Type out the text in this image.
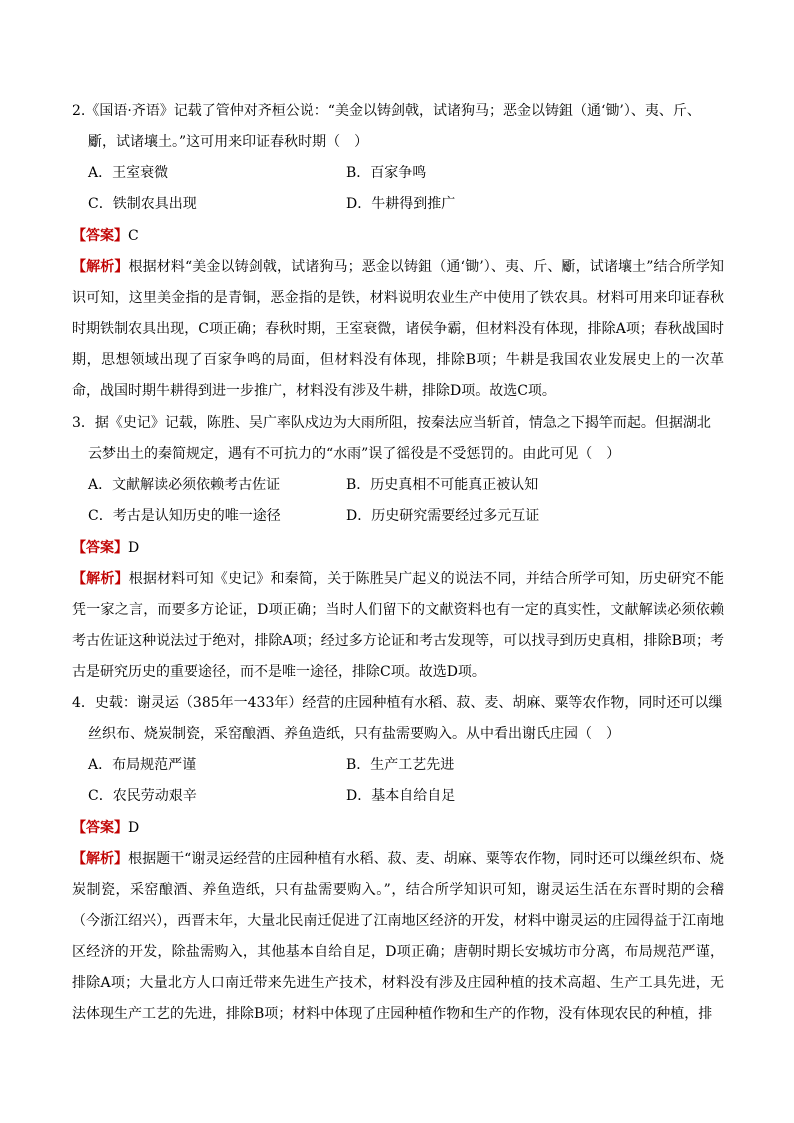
2.《国语·齐语》记载了管仲对齐桓公说：“美金以铸剑戟，试诸狗马；恶金以铸鉏（通‘锄’）、夷、斤、斸，试诸壤土。”这可用来印证春秋时期（　）

A．王室衰微	B．百家争鸣
C．铁制农具出现	D．牛耕得到推广
【答案】C

【解析】根据材料“美金以铸剑戟，试诸狗马；恶金以铸鉏（通‘锄’）、夷、斤、斸，试诸壤土”结合所学知识可知，这里美金指的是青铜，恶金指的是铁，材料说明农业生产中使用了铁农具。材料可用来印证春秋时期铁制农具出现，C项正确；春秋时期，王室衰微，诸侯争霸，但材料没有体现，排除A项；春秋战国时期，思想领域出现了百家争鸣的局面，但材料没有体现，排除B项；牛耕是我国农业发展史上的一次革命，战国时期牛耕得到进一步推广，材料没有涉及牛耕，排除D项。故选C项。

3．据《史记》记载，陈胜、吴广率队戍边为大雨所阻，按秦法应当斩首，情急之下揭竿而起。但据湖北云梦出土的秦简规定，遇有不可抗力的“水雨”误了徭役是不受惩罚的。由此可见（　）

A．文献解读必须依赖考古佐证	B．历史真相不可能真正被认知
C．考古是认知历史的唯一途径	D．历史研究需要经过多元互证
【答案】D

【解析】根据材料可知《史记》和秦简，关于陈胜吴广起义的说法不同，并结合所学可知，历史研究不能凭一家之言，而要多方论证，D项正确；当时人们留下的文献资料也有一定的真实性，文献解读必须依赖考古佐证这种说法过于绝对，排除A项；经过多方论证和考古发现等，可以找寻到历史真相，排除B项；考古是研究历史的重要途径，而不是唯一途径，排除C项。故选D项。

4．史载：谢灵运（385年一433年）经营的庄园种植有水稻、菽、麦、胡麻、粟等农作物，同时还可以缫丝织布、烧炭制瓷，采窑酿酒、养鱼造纸，只有盐需要购入。从中看出谢氏庄园（　）

A．布局规范严谨	B．生产工艺先进
C．农民劳动艰辛	D．基本自给自足
【答案】D

【解析】根据题干“谢灵运经营的庄园种植有水稻、菽、麦、胡麻、粟等农作物，同时还可以缫丝织布、烧炭制瓷，采窑酿酒、养鱼造纸，只有盐需要购入。”，结合所学知识可知，谢灵运生活在东晋时期的会稽（今浙江绍兴），西晋末年，大量北民南迁促进了江南地区经济的开发，材料中谢灵运的庄园得益于江南地区经济的开发，除盐需购入，其他基本自给自足，D项正确；唐朝时期长安城坊市分离，布局规范严谨，排除A项；大量北方人口南迁带来先进生产技术，材料没有涉及庄园种植的技术高超、生产工具先进，无法体现生产工艺的先进，排除B项；材料中体现了庄园种植作物和生产的作物，没有体现农民的种植，排
